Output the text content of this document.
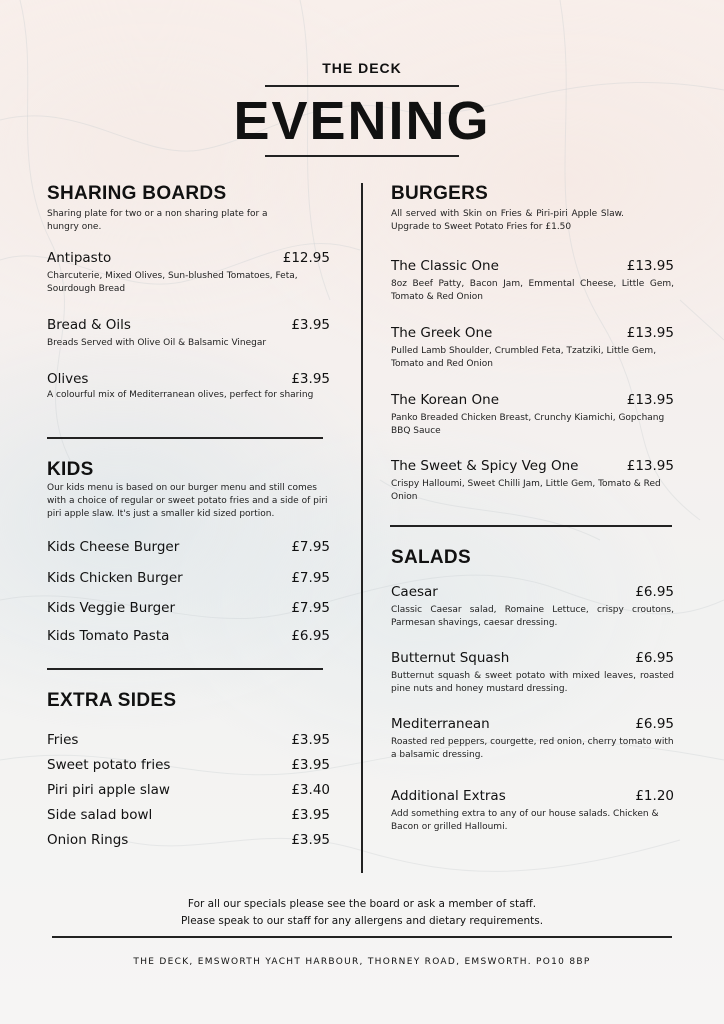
THE DECK
EVENING
SHARING BOARDS
Sharing plate for two or a non sharing plate for a hungry one.
Antipasto	£12.95
Charcuterie, Mixed Olives, Sun-blushed Tomatoes, Feta, Sourdough Bread
Bread & Oils	£3.95
Breads Served with Olive Oil & Balsamic Vinegar
Olives	£3.95
A colourful mix of Mediterranean olives, perfect for sharing
KIDS
Our kids menu is based on our burger menu and still comes with a choice of regular or sweet potato fries and a side of piri piri apple slaw. It's just a smaller kid sized portion.
Kids Cheese Burger	£7.95
Kids Chicken Burger	£7.95
Kids Veggie Burger	£7.95
Kids Tomato Pasta	£6.95
EXTRA SIDES
Fries	£3.95
Sweet potato fries	£3.95
Piri piri apple slaw	£3.40
Side salad bowl	£3.95
Onion Rings	£3.95
BURGERS
All served with Skin on Fries & Piri-piri Apple Slaw. Upgrade to Sweet Potato Fries for £1.50
The Classic One	£13.95
8oz Beef Patty, Bacon Jam, Emmental Cheese, Little Gem, Tomato & Red Onion
The Greek One	£13.95
Pulled Lamb Shoulder, Crumbled Feta, Tzatziki, Little Gem, Tomato and Red Onion
The Korean One	£13.95
Panko Breaded Chicken Breast, Crunchy Kiamichi, Gopchang BBQ Sauce
The Sweet & Spicy Veg One	£13.95
Crispy Halloumi, Sweet Chilli Jam, Little Gem, Tomato & Red Onion
SALADS
Caesar	£6.95
Classic Caesar salad, Romaine Lettuce, crispy croutons, Parmesan shavings, caesar dressing.
Butternut Squash	£6.95
Butternut squash & sweet potato with mixed leaves, roasted pine nuts and honey mustard dressing.
Mediterranean	£6.95
Roasted red peppers, courgette, red onion, cherry tomato with a balsamic dressing.
Additional Extras	£1.20
Add something extra to any of our house salads. Chicken & Bacon or grilled Halloumi.
For all our specials please see the board or ask a member of staff.
Please speak to our staff for any allergens and dietary requirements.
THE DECK, EMSWORTH YACHT HARBOUR, THORNEY ROAD, EMSWORTH. PO10 8BP
